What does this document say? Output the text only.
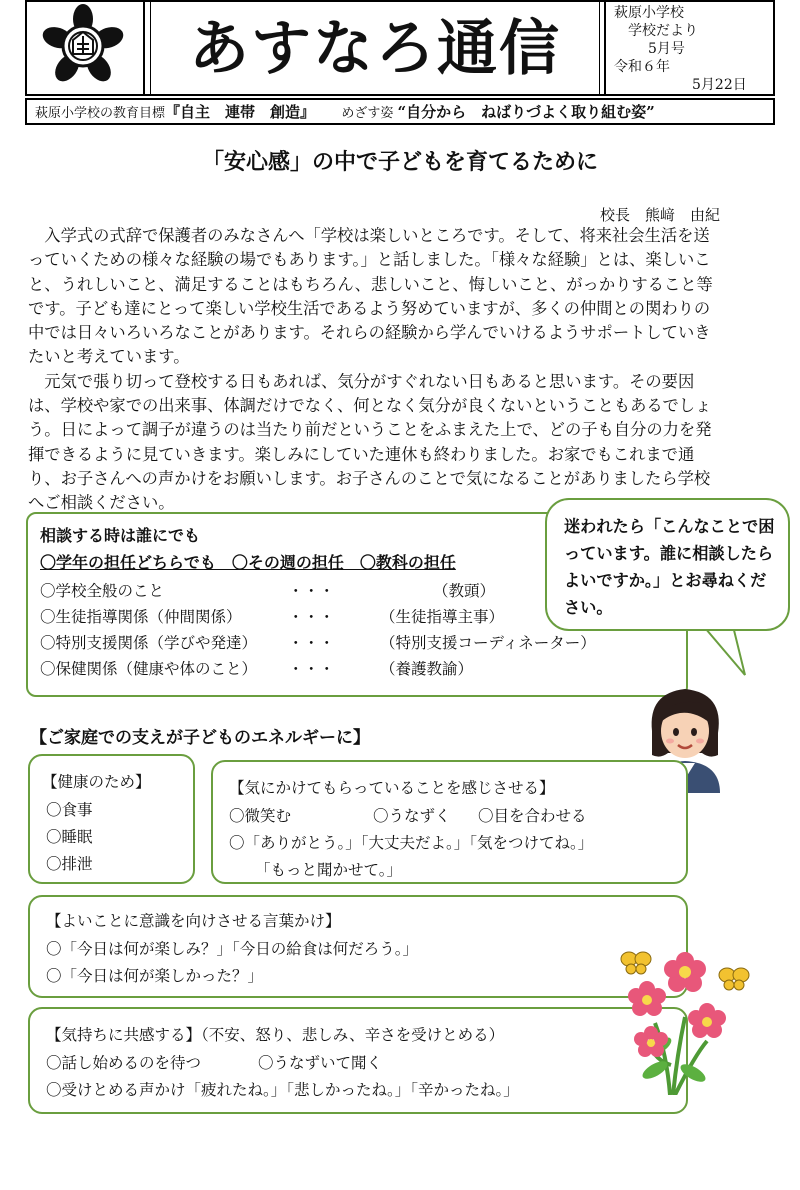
あすなろ通信
萩原小学校
学校だより
5月号
令和６年
5月22日
萩原小学校の教育目標『自主　連帯　創造』 めざす姿 “自分から　ねばりづよく取り組む姿”
「安心感」の中で子どもを育てるために
校長　熊﨑　由紀

入学式の式辞で保護者のみなさんへ「学校は楽しいところです。そして、将来社会生活を送っていくための様々な経験の場でもあります。」と話しました。「様々な経験」とは、楽しいこと、うれしいこと、満足することはもちろん、悲しいこと、悔しいこと、がっかりすること等です。子ども達にとって楽しい学校生活であるよう努めていますが、多くの仲間との関わりの中では日々いろいろなことがあります。それらの経験から学んでいけるようサポートしていきたいと考えています。

元気で張り切って登校する日もあれば、気分がすぐれない日もあると思います。その要因は、学校や家での出来事、体調だけでなく、何となく気分が良くないということもあるでしょう。日によって調子が違うのは当たり前だということをふまえた上で、どの子も自分の力を発揮できるように見ていきます。楽しみにしていた連休も終わりました。お家でもこれまで通り、お子さんへの声かけをお願いします。お子さんのことで気になることがありましたら学校へご相談ください。

相談する時は誰にでも
〇学年の担任どちらでも　〇その週の担任　〇教科の担任
〇学校全般のこと	・・・	（教頭）
〇生徒指導関係（仲間関係）	・・・	（生徒指導主事）
〇特別支援関係（学びや発達） ・・・	（特別支援コーディネーター）
〇保健関係（健康や体のこと） ・・・	（養護教諭）
迷われたら「こんなことで困っています。誰に相談したらよいですか。」とお尋ねください。
【ご家庭での支えが子どものエネルギーに】
【健康のため】
〇食事
〇睡眠
〇排泄
【気にかけてもらっていることを感じさせる】
〇微笑む	〇うなずく 〇目を合わせる
〇「ありがとう。」「大丈夫だよ。」「気をつけてね。」
「もっと聞かせて。」
【よいことに意識を向けさせる言葉かけ】
〇「今日は何が楽しみ？」「今日の給食は何だろう。」
〇「今日は何が楽しかった？」
【気持ちに共感する】（不安、怒り、悲しみ、辛さを受けとめる）
〇話し始めるのを待つ	〇うなずいて聞く
〇受けとめる声かけ「疲れたね。」「悲しかったね。」「辛かったね。」
